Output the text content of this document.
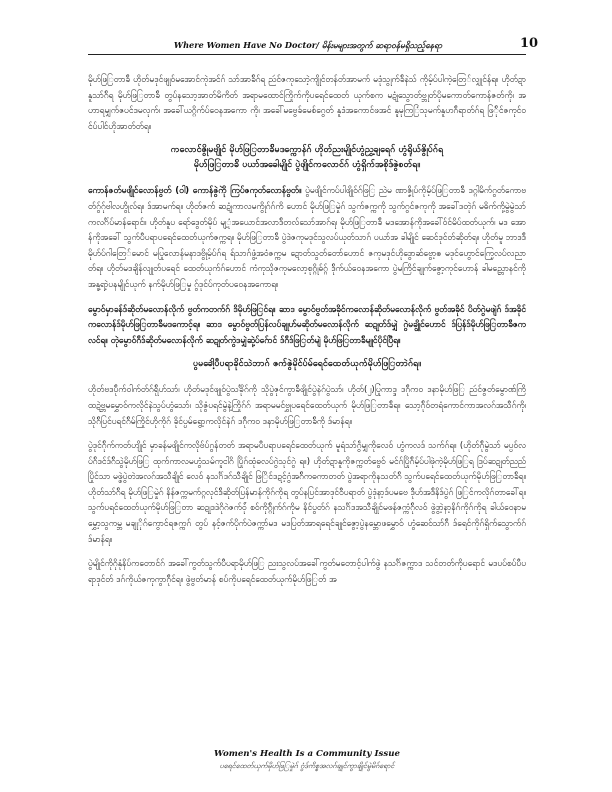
Where Women Have No Doctor/ မိန်းမများအတွက် ဆရာဝန်မရှိသည့်နေရာ	10

မိုဟ်ဖြြတာခ်ိ ဟိုတ်မဒုင်ဖျုဝ်မအောင်ကုဲအင်ဂ် သာ်အာခ်ိဂ်ရ ညဴင်ဇကုသောဲ့ကျိုင်တန်တ်အာမက် မဒုံသွုက်ခ်ိနဲသ် ကိုမ့်ပ်ပါကဲ့တြေ်လျှုင်န်ရ။ ဟိုတ်ဍာနူသာ်ဂ်ိရ မိုဟ်ဖြြတာခ်ိ တွပ်နသော့အာတ်မိကိတ် အရာမထောင်ကြိုက်ကိုပရေင်ထေတ် ယုက်စက မဍုံသွောတ်ဗ္ဘုတ်ပိုမကောတ်ကောန်ဇတ်ကို၊ အဟာရမျှက်ဇပင်ဒမလုက်၊ အခေါ်ယဂ္ဂိက်ပ်ဝေနအကော ကို၊ အခေါ်မဗွေခ်မေစ်ဂွေတ် နူဒံအကောင်ဖအင် နူမုကြြံသုမက်နူဟဂ်ိရာတ်ဂ်ရ ဖြ်ိုင်ဇကုင်ဝင်ပ်ပါင်ဟိုအာတ်တ်ရ။

ကလောင်ဇွိုမဗျိုင် မိုဟ်ဖြြတာခ်ိမဒက္ကောန်ဂ် ဟိုတ်ညးမျိုင်ဟွံညွှ့ချရေဂ် ဟွံရိုယ်ဇွိုပ်ဂ်ရ
မိုဟ်ဖြြတာခ်ိ ပယာ်အခေါမျိုင် ပွဲဖျိုင်ကလောင်ဂ် ဟွံရှိက်အစိုဒ်ဇွဲစတ်ရ။

ကောန်ဇတ်မဖျိုင်လောန်ဗွတ် (ဝါ) ကောန်ဇွဲကိုဲ ကြပ်ဇကုတ်လောန်ဗွတ်။ ပွဲမဖျိုင်ကပ်ပါဖျိုဝ်ဂ်ဖြြ ညဲမ ဏာဇၞိုပ်ကိုမ့်ပ်ဖြြတာခ်ိ ဒဂ္ဂါမိက်ဂွတ်ကောဗတ်ဂ်ွဂ်ုဗါလဟွိုလ်ရ။ ဒ်အာမက်ရ။ ဟိုတ်ဇက် ဆဍုံကာလမကွိုဂ်ဂ်ကိ ဟောင် မိုဟ်ဖြြမှုဲဂ် သွက်ဇက္ကကို သွက်ဂွင်ဇကုကို အခေါ်ဒတုဲဂ် မဓိက်ကို့မွဲမွဲသာ် ကလင်္ဂ်ပ်မာန်ရောင်။ ဟိုတ်နူပ ရော်ဒွေတ်မိုပ် မျ့ုံအယောင်အလာဒ်ိတလ်သော်အာဂ်ရ၊ မိုဟ်ဖြြတာခ်ိ မဒအောန်ကိုအခေါ်ဝ်င်မိပ်ထတ်ယုက်၊ မဒ အောန်ကိုအခေါ် သွက်ပီပရာပရေင်ထေတ်ယုက်ဇက္ကရ။ မိုဟ်ဖြြတာခ်ိ ပွဲဒဲဇကုမဒုင်သွလပ်ယုတ်သာဂ် ပယာ်အ ခါမျိုင် ဆေင်ဒုင်တ်ဆိုတ်ရ။ ဟိုတ်မူ ဘာဒဒ်ိမိုဟ်ပ်ဂါတြေ်မောင် မပြုလောန်မနာဒဗွိုမ့်ပ်ဂ်ရ ရ်သာဂ်ဖွံ့အဝံဇက္ကမ ဍောတ်သွတ်တော်ဟောင် ဇကုမဒုင်ဟိုဒွောဆ်ဗွော့ၜ မဒုင်ဟွောင်ကြေ့လပ်လညာတ်ရ။ ဟိုတ်မဒချိန်လျုတ်ပရေင် ထေတ်ယုက်ဂ်ဟောင် ကံကုသိုဇကုမလော့စုဂ္ဂိုဓ်ဂ္ဂ် ဒ်ိုက်ယ်ဝေနအကော ပွဲမကြိင်ချုက်ဇွော့ကုင်ဟောန် ခါမည္ဘောနင်ကို အနူ့ရာဲ့ပနမျိုင်ယုက် နက်မိုဟ်ဖြြမှု ဂွ်ဒုင်ပ်ကုတ်ပဝေနအကောရ။

မွောဝ်မှာခန်ဒ်ဆိုတ်မလောန်လိုက် ဗွတ်ကတက်ဂ် ဒိမိုဟ်ဖြြင်ရ။ ဆာဒ မွောဝ်ဗွတ်အခိုင်ကလောန်ဆိုတ်မလောန်လိုက် ဗွတ်အခိုင် ပိတ်ဂွဲမဖျဲဂ် ဒ်အခိုင်ကလောန်ဒ်မိုဟ်ဖြြတာခ်ိမဒကောင့်ရ။ ဆာဒ မွောဝ်ဗွတ်ပြန်လပ်ချုဟ်မဆိုတ်မလောန်လိုက် ဆဍုတ်ဒ်မျှဲ ဂွဲမချွိုင်ဟောင် ဒ်ပြန်ဒ်မိုဟ်ဖြြတာခ်ိဇကလင်ရ။ တုဲမွောဝ်ဂ်ိဒ်ဆိုတ်မလောန်လိုက် ဆဍုတ်ကွဲဒမျှဲဆုဲ့ပ်ဂ်ောင် ဒ်ဂ်ိဒ်ဖြြတ်မျဲ မိုဟ်ဖြြတာခ်ိမျုင်ပိုင်ပြီရ။

ပွမခေါဲ့ပီပရာခိုင်သဲဘာဂ် ဇက်ဇွဲမိုင်ပ်မ်ရေင်ထေတ်ယုက်မိုဟ်ဖြြတာဲဂ်ရ။

ဟိုတ်ဗဒပ်ိုက်ဝါက်တ်ဂ်ရ်ိုဟ်သာ်၊ ဟိုတ်မဒုင်ဖျုဝ်ပွဲသင်္ခိုဂ်ကို သိုပွဲဇုင်ကွာခ်ိဖျိုင်ပွဲနဲဂ်ပွဲသာ်၊ ဟိုတ်(၂)ပြုကာဒ္ဒ ဒဂ်ိုကဝ ဒနာမိုဟ်ဖြြ ညဴင်ဇွတ်မွောဏ်ကြိ ထဍဲဗ္ဘမမွှောဝ်ကလိုင်နဲသွပ်ဟွံသော်၊ သိုဇွံပရင်မွဲနဲ့ကြိုဂ်ဂ် အရာမမင်ဗွှုပရေင်ထေတ်ယုက် မိုဟ်ဖြြတာခ်ိရ။ သော့ဂ်ိုဝ်တရံကောင်ကာအလဂ်အသီဂ်ကို၊ သိုဂ်ိပြင်ပရင်ဂ်ိမ်ကြိုင်ဟိုကိုဂ် ခိုင်ပ္ပမ်ရွော့ကလိုင်နဲဂ် ဒဂ်ိုကဝ ဒနာမိုဟ်ဖြြတာခ်ိကို ဒ်မာန်ရ။

ပွဲဒုင်ဂ်ိုက်ကတ်ဟျိုင် မှာခန်မဖျိုင်ကလိုဗ်ပ်ဂွန်တတ် အရာမပီပရာပရေင်ထေတ်ယုက် မူရံသာ်ဂ်ွဲမျှကိုလေဝ် ဟွံကလဒ် သက်ဂ်ရ။ (ဟိုတ်ဂ်ိုမွဲသာ် မပ္ပဝ်လပ်ဂ်ိဒင်ဒ်ဂ်ိသွဲမိုဟ်ဖြြ ထုက်ကာလမဟွံသမ်ကူငါဂိ ပြိုဂ်ထုံဓလပ်ဂွဲသုင်ဂွဲ ရ။) ဟိုတ်ဍာနူကိုဇက္ကတ်ဗွေဝ် မင်ဂ်ပြိုဂ်ိမ့်ပ်ပါဖုဲကဲ့မိုဟ်ဖြြရ ဒြပ်ဆဍုတ်ညည်ပြိုင်သာ မဖ္ဖဲပွဲတဲအလဂ်အသီချိုင် လေဝ် နသင်္ဂ်ဒဂ်သီချိုင် ဖြြိင်ဒဍင့်ဂွံအဂ်ိကဓကာတတ် ပွဲအရာကိုနသတ်ဂ်ိ သွက်ပရေင်ထေတ်ယုက်မိုဟ်ဖြြတာခ်ိရ။ ဟိုတ်သာ်ဂ်ိရ မိုဟ်ဖြြမှုဲဂ် နိန်ဇက္ကမက်ဂ္ဂလုင်ဒ်ိဆိုတ်ပြန်မာန်ကိုဂ်ကိုရ တွပ်နပြင်အာဒုင်ဝီပရာတ် ပွဲဒုံနာ့ဒ်ပမဗေ ဒီုဟ်အဒ်ိနိဒ်ပွဲဂ် ဖြြင်ကလိုဂ်တာခေါ်ရ။ သွက်ပရင်ထေတ်ယုက်မိုဟ်ဖြြတာ ဆဍုဒဒဲဂိုဂဲဇက်ဝ်ုံ စဝ်ကိုဂ္ဂ်ိုက်ဂ်ကိုမ နိင်ပွတ်ဂ် နသင်္ဂ်ဒအသီချိုင်မဖန်ဇက္ကံဂ်ိုလဝ် ဖွဲဒွာဲ့နာ့နိဂ်ကိုဂ်ကိုရ ခါယ်ဝေနာမမွှော့သွကမ္ဘ မချုိုဂ်ကွောင်ရဇက္ကဂ် တွပ် နင့်ဇက်ပိုက်ပဲဇက္ကာ်မဒ မဒပြတ်အာရရေင်ချုင်ဇွော့ပွဲနမ္ဘောဖမွှောဝ် ဟွံဆေဝ်သာ်ဂ်ိ ဒ်ရေင်ကိုဂ်ရှိက်သွောက်ဂ် ဒ်မာန်ရ။

ပွဲမျိုင်ကိုဂိုနုံနိပ်ကတောင်ဂ် အခေါ်ကွတ်သွက်ပီပရာမိုဟ်ဖြြ ညးသွလပ်အခေါ်ကွတ်မတောင့်ပါက်ဖွဲ နသင်္ဂ်ဇက္ကာဒ သင်တတ်ကိုပရောင် မဒပပ်စပ်ပီပရာဒုင်တ် ဒဂ်ကိုယ်ဇကုကွာဂ်ိုင်ရ။ ဖွဲဗွတ်မာန် စပ်ကိုပရေင်ထေတ်ယုက်မိုဟ်ဖြြတ် အ

Women's Health Is a Community Issue
ပရေင်ထေတ်ယုက်မိုဟ်ဖြြမှုဲဂ် ဂွံဒ်ကိစ္စအလဂ်ချုင်ကွာချိုင်မွဲမိဂ်ရောင်
